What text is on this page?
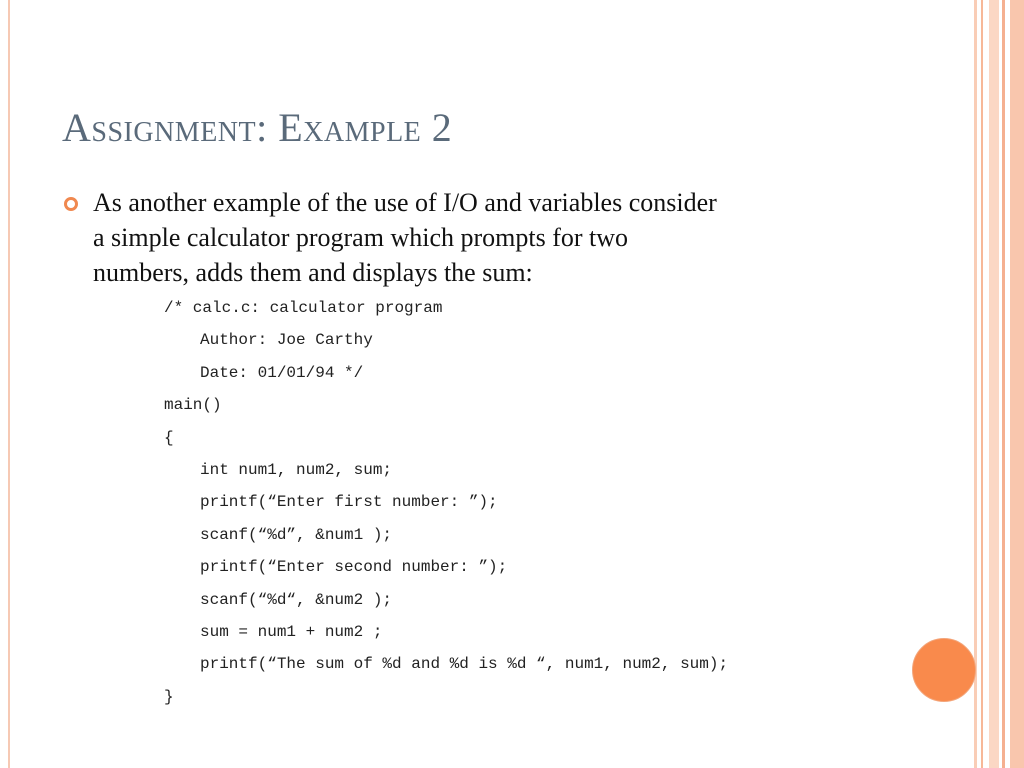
Assignment: Example 2
As another example of the use of I/O and variables consider
a simple calculator program which prompts for two
numbers, adds them and displays the sum:
/* calc.c: calculator program
Author: Joe Carthy
Date: 01/01/94 */
main()
{
int num1, num2, sum;
printf(“Enter first number: ”);
scanf(“%d”, &num1 );
printf(“Enter second number: ”);
scanf(“%d“, &num2 );
sum = num1 + num2 ;
printf(“The sum of %d and %d is %d “, num1, num2, sum);
}
